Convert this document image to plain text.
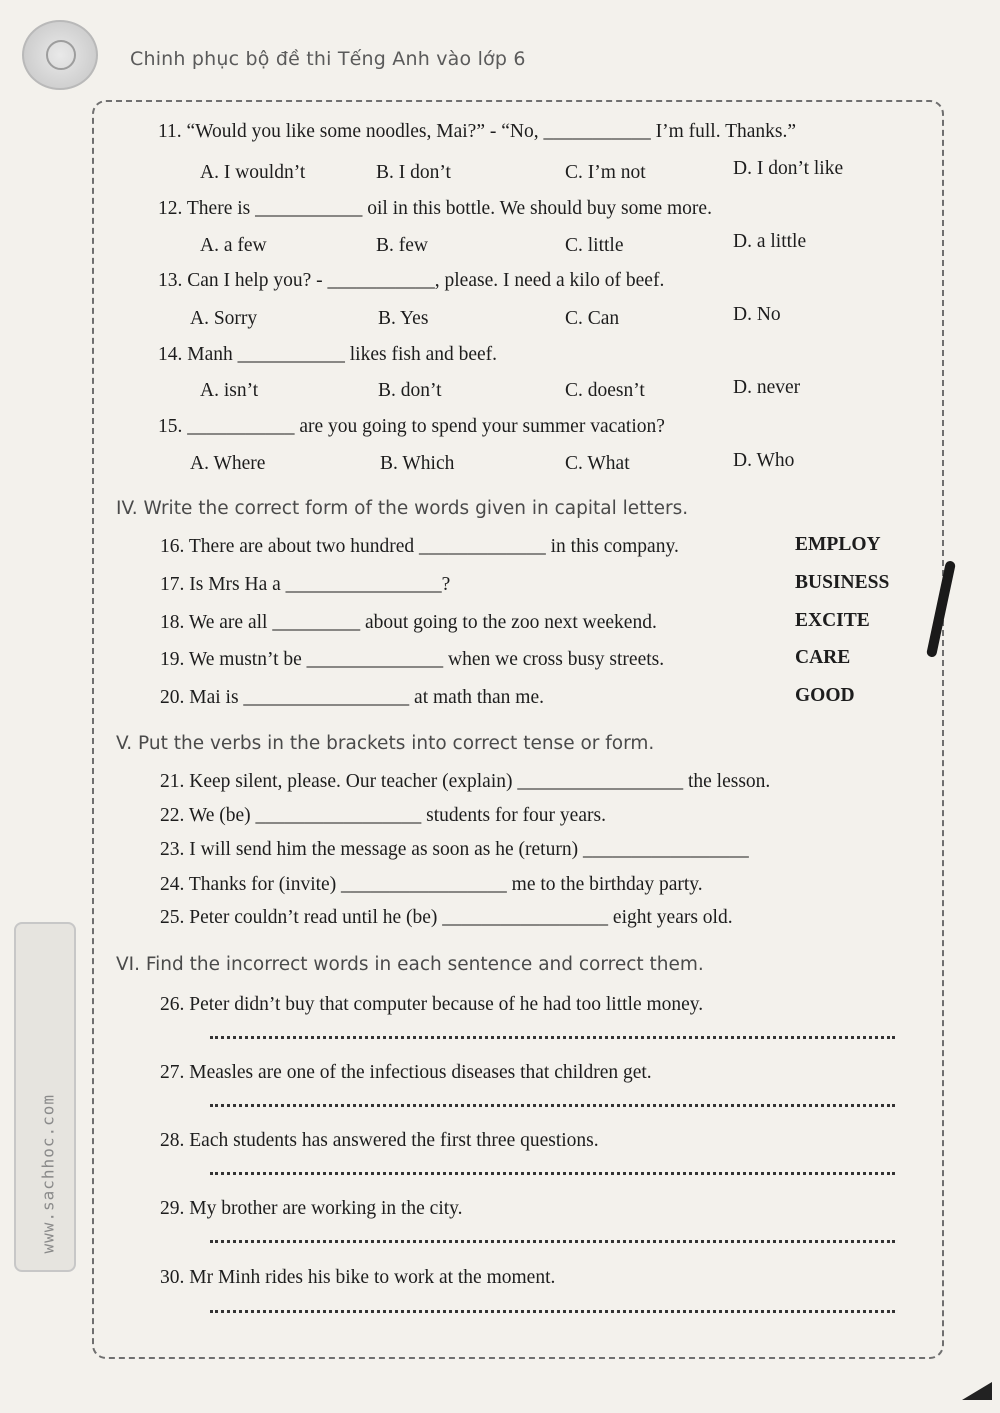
Chinh phục bộ đề thi Tếng Anh vào lớp 6
www.sachhoc.com
11. “Would you like some noodles, Mai?” - “No, ___________ I’m full. Thanks.”
A. I wouldn’t	B. I don’t	C. I’m not	D. I don’t like
12. There is ___________ oil in this bottle. We should buy some more.
A. a few	B. few	C. little	D. a little
13. Can I help you? - ___________, please. I need a kilo of beef.
A. Sorry	B. Yes	C. Can	D. No
14. Manh ___________ likes fish and beef.
A. isn’t	B. don’t	C. doesn’t	D. never
15. ___________ are you going to spend your summer vacation?
A. Where	B. Which	C. What	D. Who
IV. Write the correct form of the words given in capital letters.
16. There are about two hundred _____________ in this company.	EMPLOY
17. Is Mrs Ha a ________________?	BUSINESS
18. We are all _________ about going to the zoo next weekend.	EXCITE
19. We mustn’t be ______________ when we cross busy streets.	CARE
20. Mai is _________________ at math than me.	GOOD
V. Put the verbs in the brackets into correct tense or form.
21. Keep silent, please. Our teacher (explain) _________________ the lesson.
22. We (be) _________________ students for four years.
23. I will send him the message as soon as he (return) _________________
24. Thanks for (invite) _________________ me to the birthday party.
25. Peter couldn’t read until he (be) _________________ eight years old.
VI. Find the incorrect words in each sentence and correct them.
26. Peter didn’t buy that computer because of he had too little money.
27. Measles are one of the infectious diseases that children get.
28. Each students has answered the first three questions.
29. My brother are working in the city.
30. Mr Minh rides his bike to work at the moment.
